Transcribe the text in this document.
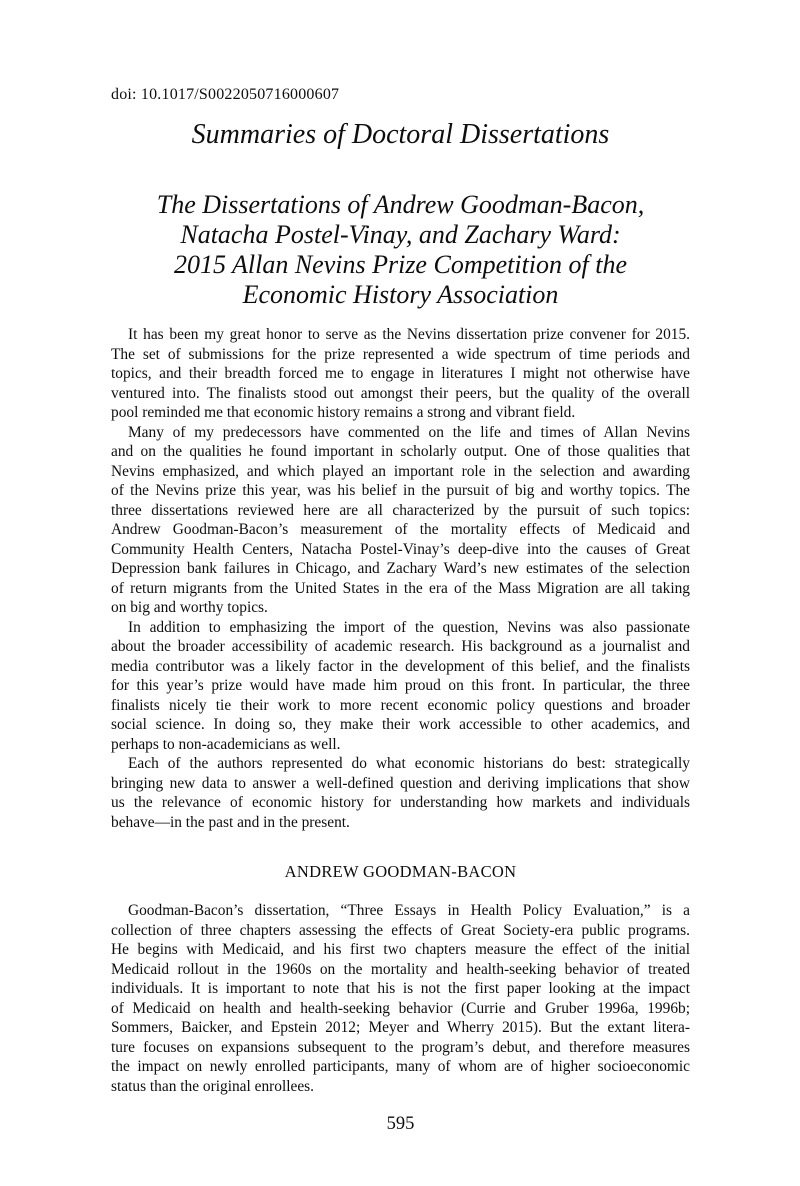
doi: 10.1017/S0022050716000607
Summaries of Doctoral Dissertations
The Dissertations of Andrew Goodman-Bacon,
Natacha Postel-Vinay, and Zachary Ward:
2015 Allan Nevins Prize Competition of the
Economic History Association
It has been my great honor to serve as the Nevins dissertation prize convener for 2015.
The set of submissions for the prize represented a wide spectrum of time periods and
topics, and their breadth forced me to engage in literatures I might not otherwise have
ventured into. The finalists stood out amongst their peers, but the quality of the overall
pool reminded me that economic history remains a strong and vibrant field.
Many of my predecessors have commented on the life and times of Allan Nevins
and on the qualities he found important in scholarly output. One of those qualities that
Nevins emphasized, and which played an important role in the selection and awarding
of the Nevins prize this year, was his belief in the pursuit of big and worthy topics. The
three dissertations reviewed here are all characterized by the pursuit of such topics:
Andrew Goodman-Bacon’s measurement of the mortality effects of Medicaid and
Community Health Centers, Natacha Postel-Vinay’s deep-dive into the causes of Great
Depression bank failures in Chicago, and Zachary Ward’s new estimates of the selection
of return migrants from the United States in the era of the Mass Migration are all taking
on big and worthy topics.
In addition to emphasizing the import of the question, Nevins was also passionate
about the broader accessibility of academic research. His background as a journalist and
media contributor was a likely factor in the development of this belief, and the finalists
for this year’s prize would have made him proud on this front. In particular, the three
finalists nicely tie their work to more recent economic policy questions and broader
social science. In doing so, they make their work accessible to other academics, and
perhaps to non-academicians as well.
Each of the authors represented do what economic historians do best: strategically
bringing new data to answer a well-defined question and deriving implications that show
us the relevance of economic history for understanding how markets and individuals
behave—in the past and in the present.
ANDREW GOODMAN-BACON
Goodman-Bacon’s dissertation, “Three Essays in Health Policy Evaluation,” is a
collection of three chapters assessing the effects of Great Society-era public programs.
He begins with Medicaid, and his first two chapters measure the effect of the initial
Medicaid rollout in the 1960s on the mortality and health-seeking behavior of treated
individuals. It is important to note that his is not the first paper looking at the impact
of Medicaid on health and health-seeking behavior (Currie and Gruber 1996a, 1996b;
Sommers, Baicker, and Epstein 2012; Meyer and Wherry 2015). But the extant litera-
ture focuses on expansions subsequent to the program’s debut, and therefore measures
the impact on newly enrolled participants, many of whom are of higher socioeconomic
status than the original enrollees.
595
